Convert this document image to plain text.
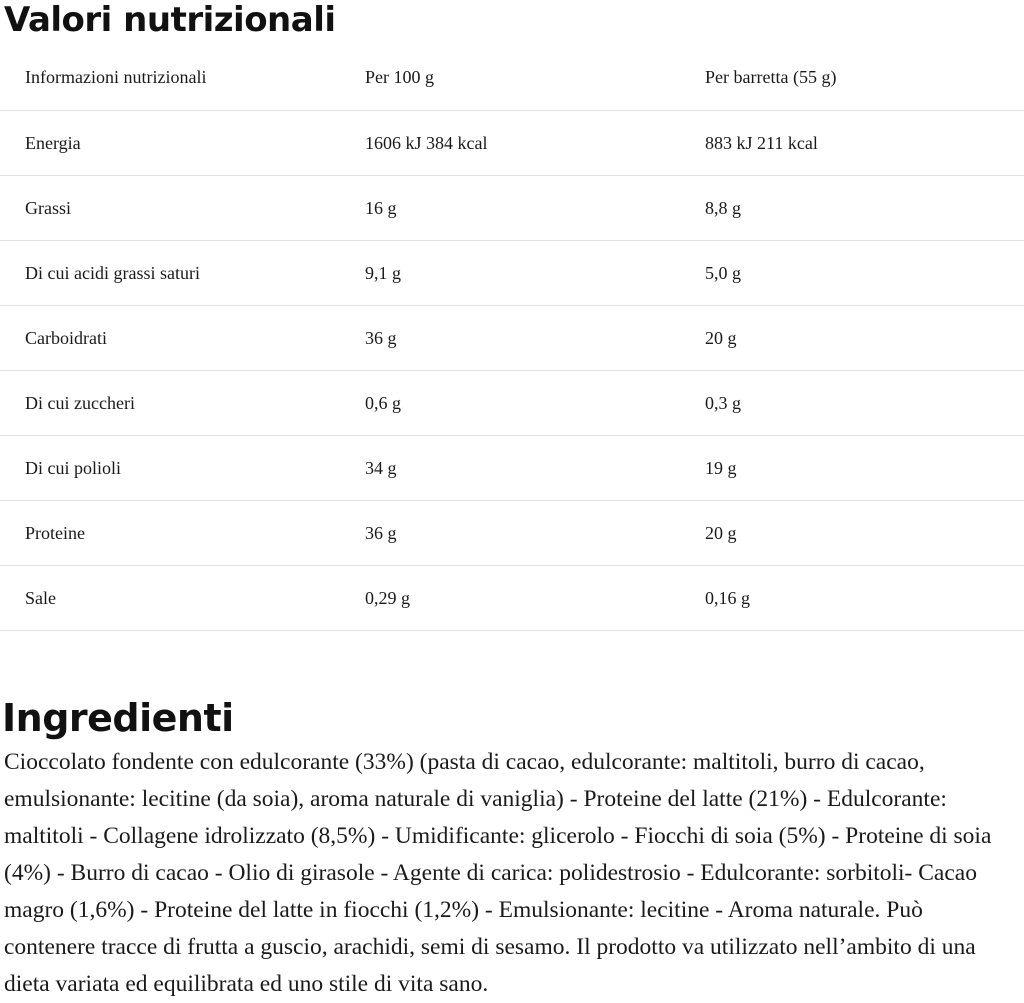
Valori nutrizionali
Informazioni nutrizionali	Per 100 g	Per barretta (55 g)
Energia	1606 kJ 384 kcal	883 kJ 211 kcal
Grassi	16 g	8,8 g
Di cui acidi grassi saturi	9,1 g	5,0 g
Carboidrati	36 g	20 g
Di cui zuccheri	0,6 g	0,3 g
Di cui polioli	34 g	19 g
Proteine	36 g	20 g
Sale	0,29 g	0,16 g
Ingredienti

Cioccolato fondente con edulcorante (33%) (pasta di cacao, edulcorante: maltitoli, burro di cacao, emulsionante: lecitine (da soia), aroma naturale di vaniglia) - Proteine del latte (21%) - Edulcorante: maltitoli - Collagene idrolizzato (8,5%) - Umidificante: glicerolo - Fiocchi di soia (5%) - Proteine di soia (4%) - Burro di cacao - Olio di girasole - Agente di carica: polidestrosio - Edulcorante: sorbitoli- Cacao magro (1,6%) - Proteine del latte in fiocchi (1,2%) - Emulsionante: lecitine - Aroma naturale. Può contenere tracce di frutta a guscio, arachidi, semi di sesamo. Il prodotto va utilizzato nell’ambito di una dieta variata ed equilibrata ed uno stile di vita sano.
